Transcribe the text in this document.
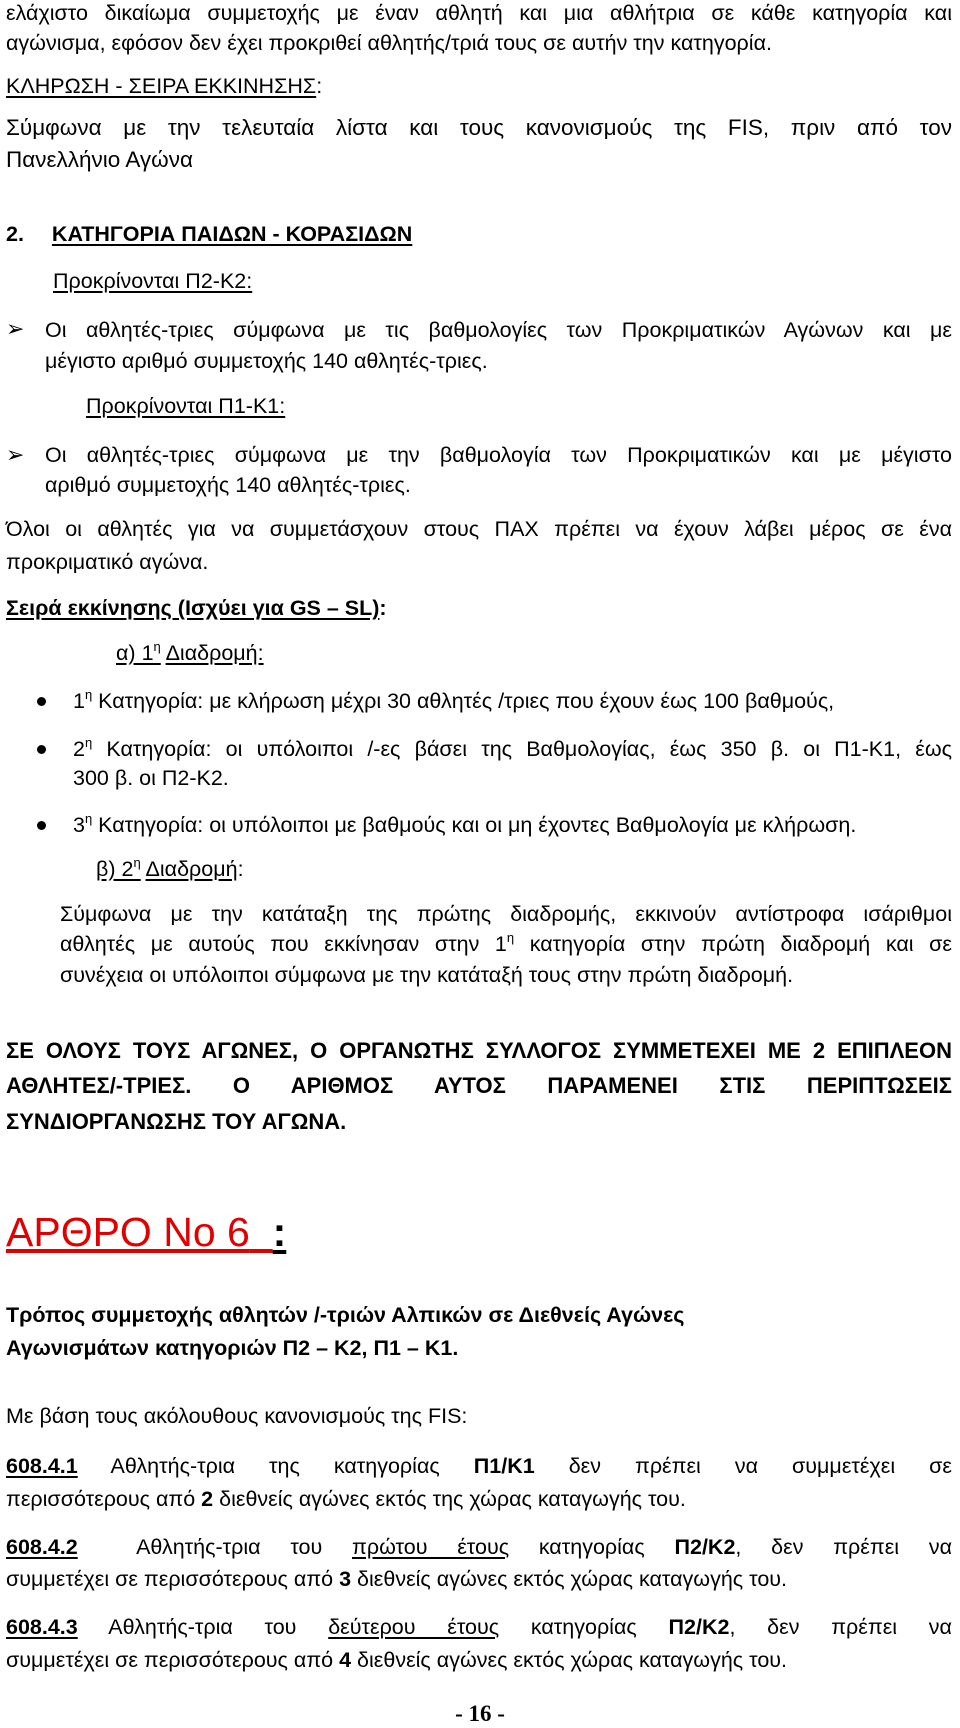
ελάχιστο δικαίωμα συμμετοχής με έναν αθλητή και μια αθλήτρια σε κάθε κατηγορία και
αγώνισμα, εφόσον δεν έχει προκριθεί αθλητής/τριά τους σε αυτήν την κατηγορία.
ΚΛΗΡΩΣΗ - ΣΕΙΡΑ ΕΚΚΙΝΗΣΗΣ:
Σύμφωνα με την τελευταία λίστα και τους κανονισμούς της FIS, πριν από τον
Πανελλήνιο Αγώνα
2. ΚΑΤΗΓΟΡΙΑ ΠΑΙΔΩΝ - ΚΟΡΑΣΙΔΩΝ
Προκρίνονται Π2-Κ2:
➢ Οι αθλητές-τριες σύμφωνα με τις βαθμολογίες των Προκριματικών Αγώνων και με
μέγιστο αριθμό συμμετοχής 140 αθλητές-τριες.
Προκρίνονται Π1-Κ1:
➢ Οι αθλητές-τριες σύμφωνα με την βαθμολογία των Προκριματικών και με μέγιστο
αριθμό συμμετοχής 140 αθλητές-τριες.
Όλοι οι αθλητές για να συμμετάσχουν στους ΠΑΧ πρέπει να έχουν λάβει μέρος σε ένα
προκριματικό αγώνα.
Σειρά εκκίνησης (Ισχύει για GS – SL):
α) $1^\eta$ Διαδρομή:
$1^\eta$ Κατηγορία: με κλήρωση μέχρι 30 αθλητές /τριες που έχουν έως 100 βαθμούς,
$2^\eta$ Κατηγορία: οι υπόλοιποι /-ες βάσει της Βαθμολογίας, έως 350 β. οι Π1-Κ1, έως
300 β. οι Π2-Κ2.
$3^\eta$ Κατηγορία: οι υπόλοιποι με βαθμούς και οι μη έχοντες Βαθμολογία με κλήρωση.
β) $2^\eta$ Διαδρομή:
Σύμφωνα με την κατάταξη της πρώτης διαδρομής, εκκινούν αντίστροφα ισάριθμοι
αθλητές με αυτούς που εκκίνησαν στην $1^\eta$ κατηγορία στην πρώτη διαδρομή και σε
συνέχεια οι υπόλοιποι σύμφωνα με την κατάταξή τους στην πρώτη διαδρομή.
ΣΕ ΟΛΟΥΣ ΤΟΥΣ ΑΓΩΝΕΣ, Ο ΟΡΓΑΝΩΤΗΣ ΣΥΛΛΟΓΟΣ ΣΥΜΜΕΤΕΧΕΙ ΜΕ 2 ΕΠΙΠΛΕΟΝ
ΑΘΛΗΤΕΣ/-ΤΡΙΕΣ. Ο ΑΡΙΘΜΟΣ ΑΥΤΟΣ ΠΑΡΑΜΕΝΕΙ ΣΤΙΣ ΠΕΡΙΠΤΩΣΕΙΣ
ΣΥΝΔΙΟΡΓΑΝΩΣΗΣ ΤΟΥ ΑΓΩΝΑ.
ΑΡΘΡΟ Νο 6 :
Τρόπος συμμετοχής αθλητών /-τριών Αλπικών σε Διεθνείς Αγώνες
Αγωνισμάτων κατηγοριών Π2 – Κ2, Π1 – Κ1.
Με βάση τους ακόλουθους κανονισμούς της FIS:
608.4.1 Αθλητής-τρια της κατηγορίας Π1/Κ1 δεν πρέπει να συμμετέχει σε
περισσότερους από 2 διεθνείς αγώνες εκτός της χώρας καταγωγής του.
608.4.2  Αθλητής-τρια του πρώτου έτους κατηγορίας Π2/Κ2, δεν πρέπει να
συμμετέχει σε περισσότερους από 3 διεθνείς αγώνες εκτός χώρας καταγωγής του.
608.4.3 Αθλητής-τρια του δεύτερου έτους κατηγορίας Π2/Κ2, δεν πρέπει να
συμμετέχει σε περισσότερους από 4 διεθνείς αγώνες εκτός χώρας καταγωγής του.
- 16 -
